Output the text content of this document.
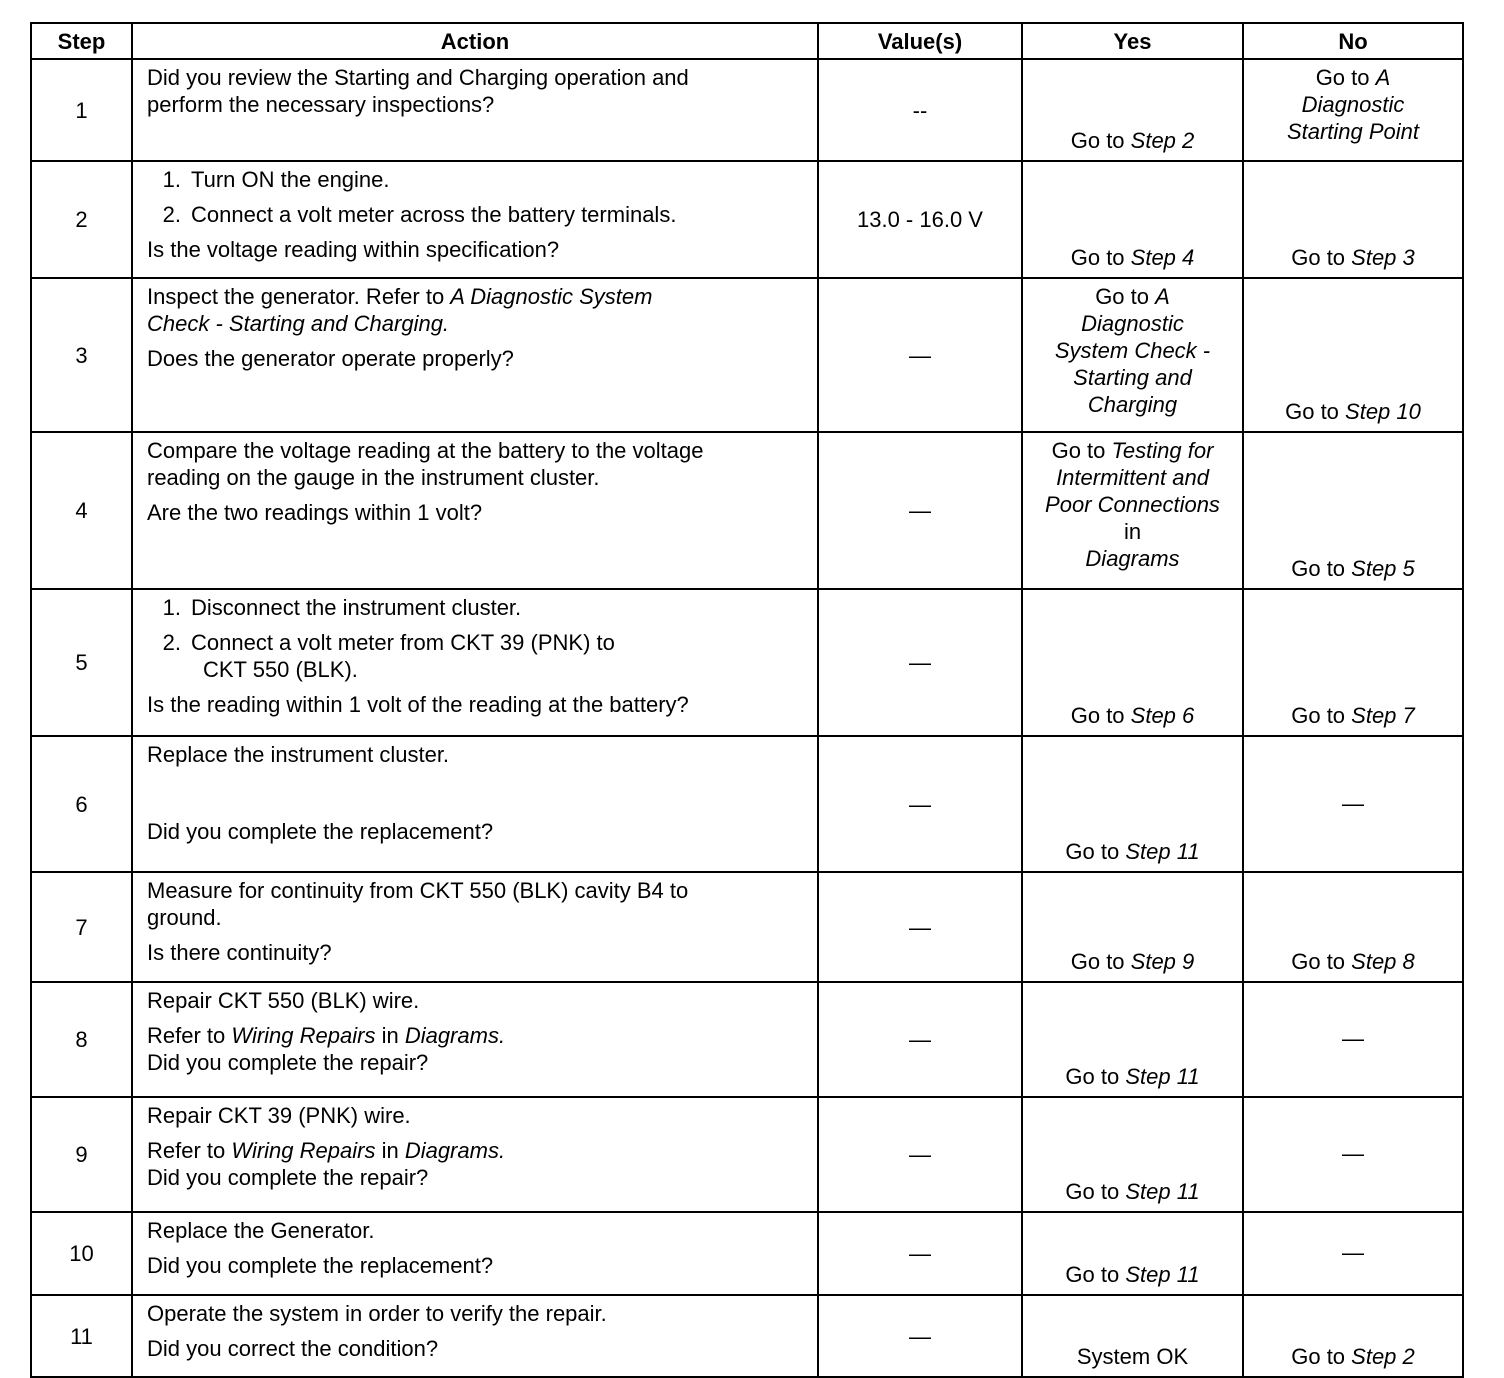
Step	Action	Value(s)	Yes	No
1	Did you review the Starting and Charging operation and
perform the necessary inspections?	--	Go to Step 2	Go to A
Diagnostic
Starting Point

2	1. Turn ON the engine.
2. Connect a volt meter across the battery terminals.
Is the voltage reading within specification?	13.0 - 16.0 V	Go to Step 4	Go to Step 3
3	Inspect the generator. Refer to A Diagnostic System
Check - Starting and Charging.
Does the generator operate properly?	—	Go to A
Diagnostic
System Check -
Starting and
Charging	Go to Step 10
4	Compare the voltage reading at the battery to the voltage
reading on the gauge in the instrument cluster.
Are the two readings within 1 volt?	—	Go to Testing for
Intermittent and
Poor Connections
in
Diagrams	Go to Step 5
5	1. Disconnect the instrument cluster.
2. Connect a volt meter from CKT 39 (PNK) to
CKT 550 (BLK).
Is the reading within 1 volt of the reading at the battery?	—	Go to Step 6	Go to Step 7
6	Replace the instrument cluster.
Did you complete the replacement?	—	Go to Step 11	—
7	Measure for continuity from CKT 550 (BLK) cavity B4 to
ground.
Is there continuity?	—	Go to Step 9	Go to Step 8
8	Repair CKT 550 (BLK) wire.
Refer to Wiring Repairs in Diagrams.
Did you complete the repair?	—	Go to Step 11	—
9	Repair CKT 39 (PNK) wire.
Refer to Wiring Repairs in Diagrams.
Did you complete the repair?	—	Go to Step 11	—
10	Replace the Generator.
Did you complete the replacement?	—	Go to Step 11	—
11	Operate the system in order to verify the repair.
Did you correct the condition?	—	System OK	Go to Step 2
